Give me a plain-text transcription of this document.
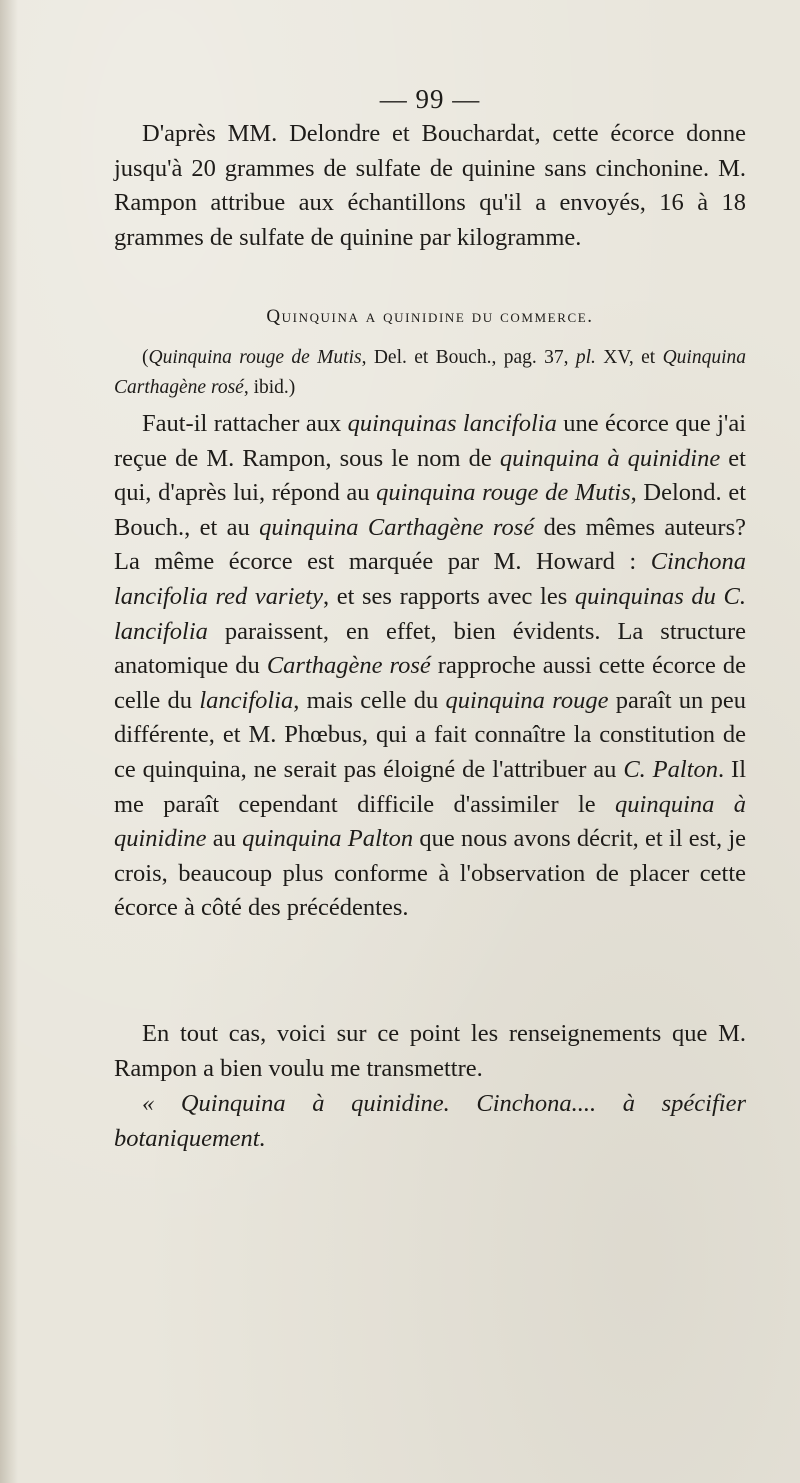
— 99 —

D'après MM. Delondre et Bouchardat, cette écorce donne jusqu'à 20 grammes de sulfate de quinine sans cinchonine. M. Rampon attribue aux échantillons qu'il a envoyés, 16 à 18 grammes de sulfate de quinine par kilogramme.

Quinquina a quinidine du commerce.

(Quinquina rouge de Mutis, Del. et Bouch., pag. 37, pl. XV, et Quinquina Carthagène rosé, ibid.)

Faut-il rattacher aux quinquinas lancifolia une écorce que j'ai reçue de M. Rampon, sous le nom de quinquina à quinidine et qui, d'après lui, répond au quinquina rouge de Mutis, Delond. et Bouch., et au quinquina Carthagène rosé des mêmes auteurs? La même écorce est marquée par M. Howard : Cinchona lancifolia red variety, et ses rapports avec les quinquinas du C. lancifolia paraissent, en effet, bien évidents. La structure anatomique du Carthagène rosé rapproche aussi cette écorce de celle du lancifolia, mais celle du quinquina rouge paraît un peu différente, et M. Phœbus, qui a fait connaître la constitution de ce quinquina, ne serait pas éloigné de l'attribuer au C. Palton. Il me paraît cependant difficile d'assimiler le quinquina à quinidine au quinquina Palton que nous avons décrit, et il est, je crois, beaucoup plus conforme à l'observation de placer cette écorce à côté des précédentes.

En tout cas, voici sur ce point les renseignements que M. Rampon a bien voulu me transmettre.

« Quinquina à quinidine. Cinchona.... à spécifier botaniquement.
